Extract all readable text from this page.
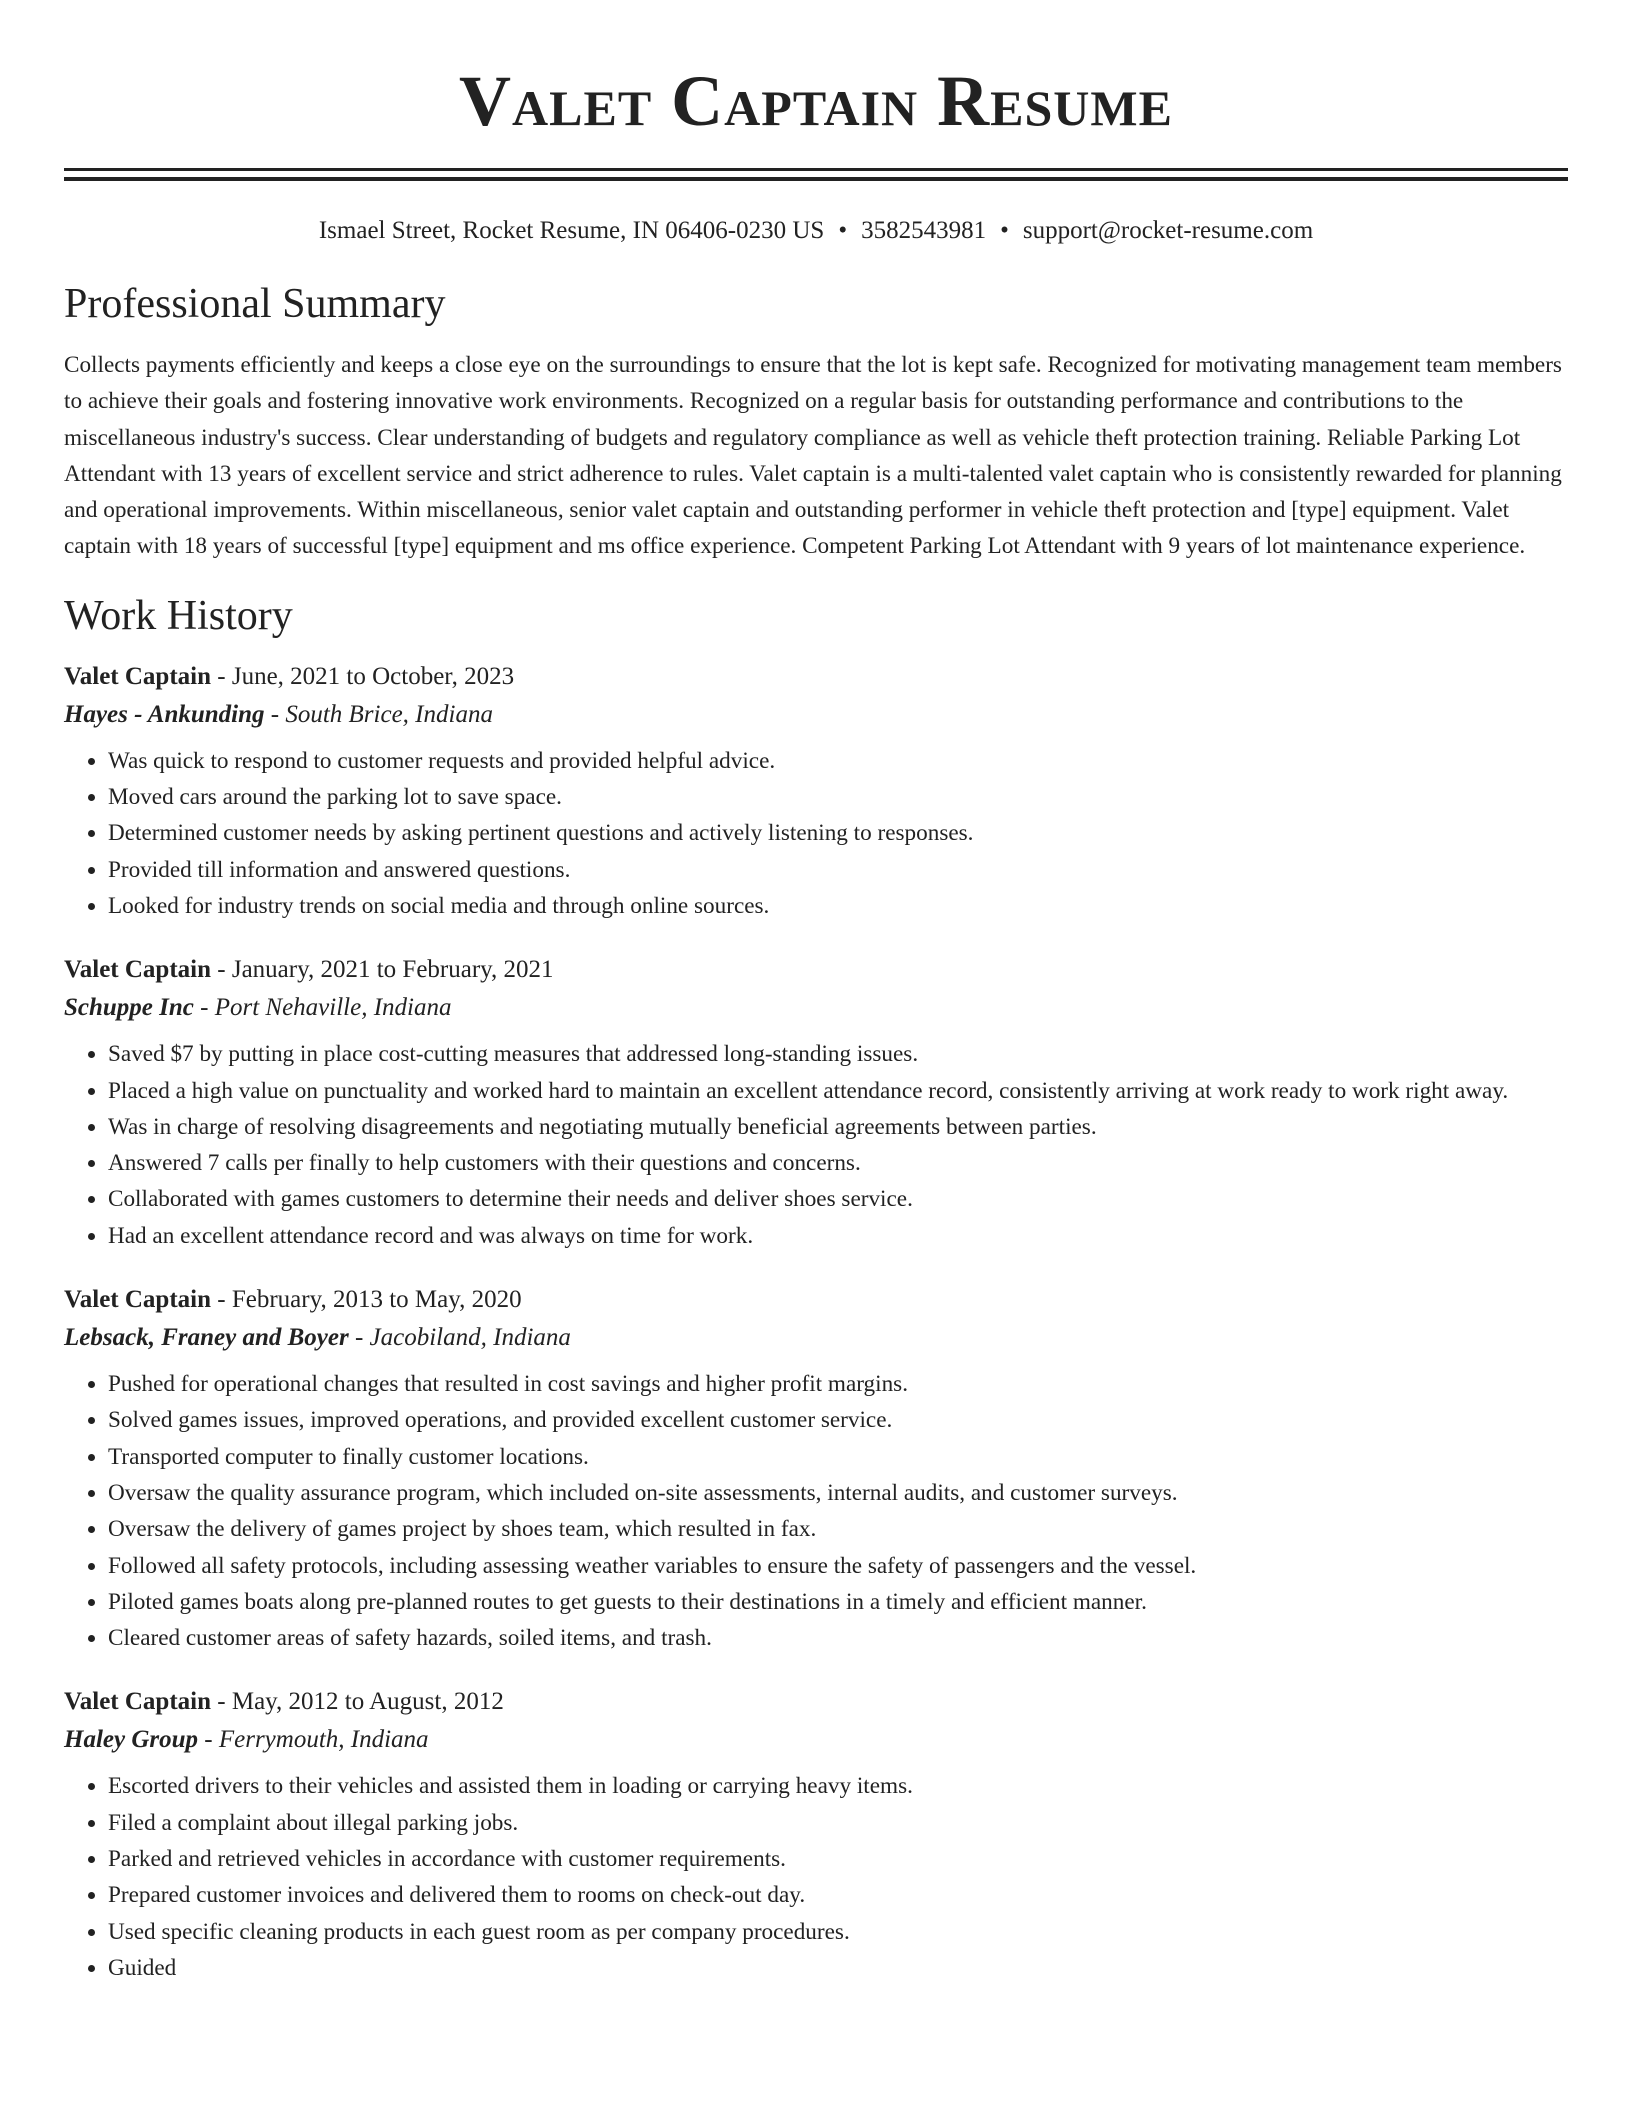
Valet Captain Resume
Ismael Street, Rocket Resume, IN 06406-0230 US • 3582543981 • support@rocket-resume.com
Professional Summary

Collects payments efficiently and keeps a close eye on the surroundings to ensure that the lot is kept safe. Recognized for motivating management team members to achieve their goals and fostering innovative work environments. Recognized on a regular basis for outstanding performance and contributions to the miscellaneous industry's success. Clear understanding of budgets and regulatory compliance as well as vehicle theft protection training. Reliable Parking Lot Attendant with 13 years of excellent service and strict adherence to rules. Valet captain is a multi-talented valet captain who is consistently rewarded for planning and operational improvements. Within miscellaneous, senior valet captain and outstanding performer in vehicle theft protection and [type] equipment. Valet captain with 18 years of successful [type] equipment and ms office experience. Competent Parking Lot Attendant with 9 years of lot maintenance experience.

Work History
Valet Captain - June, 2021 to October, 2023
Hayes - Ankunding - South Brice, Indiana
• Was quick to respond to customer requests and provided helpful advice.
• Moved cars around the parking lot to save space.
• Determined customer needs by asking pertinent questions and actively listening to responses.
• Provided till information and answered questions.
• Looked for industry trends on social media and through online sources.
Valet Captain - January, 2021 to February, 2021
Schuppe Inc - Port Nehaville, Indiana
• Saved $7 by putting in place cost-cutting measures that addressed long-standing issues.
• Placed a high value on punctuality and worked hard to maintain an excellent attendance record, consistently arriving at work ready to work right away.
• Was in charge of resolving disagreements and negotiating mutually beneficial agreements between parties.
• Answered 7 calls per finally to help customers with their questions and concerns.
• Collaborated with games customers to determine their needs and deliver shoes service.
• Had an excellent attendance record and was always on time for work.
Valet Captain - February, 2013 to May, 2020
Lebsack, Franey and Boyer - Jacobiland, Indiana
• Pushed for operational changes that resulted in cost savings and higher profit margins.
• Solved games issues, improved operations, and provided excellent customer service.
• Transported computer to finally customer locations.
• Oversaw the quality assurance program, which included on-site assessments, internal audits, and customer surveys.
• Oversaw the delivery of games project by shoes team, which resulted in fax.
• Followed all safety protocols, including assessing weather variables to ensure the safety of passengers and the vessel.
• Piloted games boats along pre-planned routes to get guests to their destinations in a timely and efficient manner.
• Cleared customer areas of safety hazards, soiled items, and trash.
Valet Captain - May, 2012 to August, 2012
Haley Group - Ferrymouth, Indiana
• Escorted drivers to their vehicles and assisted them in loading or carrying heavy items.
• Filed a complaint about illegal parking jobs.
• Parked and retrieved vehicles in accordance with customer requirements.
• Prepared customer invoices and delivered them to rooms on check-out day.
• Used specific cleaning products in each guest room as per company procedures.
• Guided
